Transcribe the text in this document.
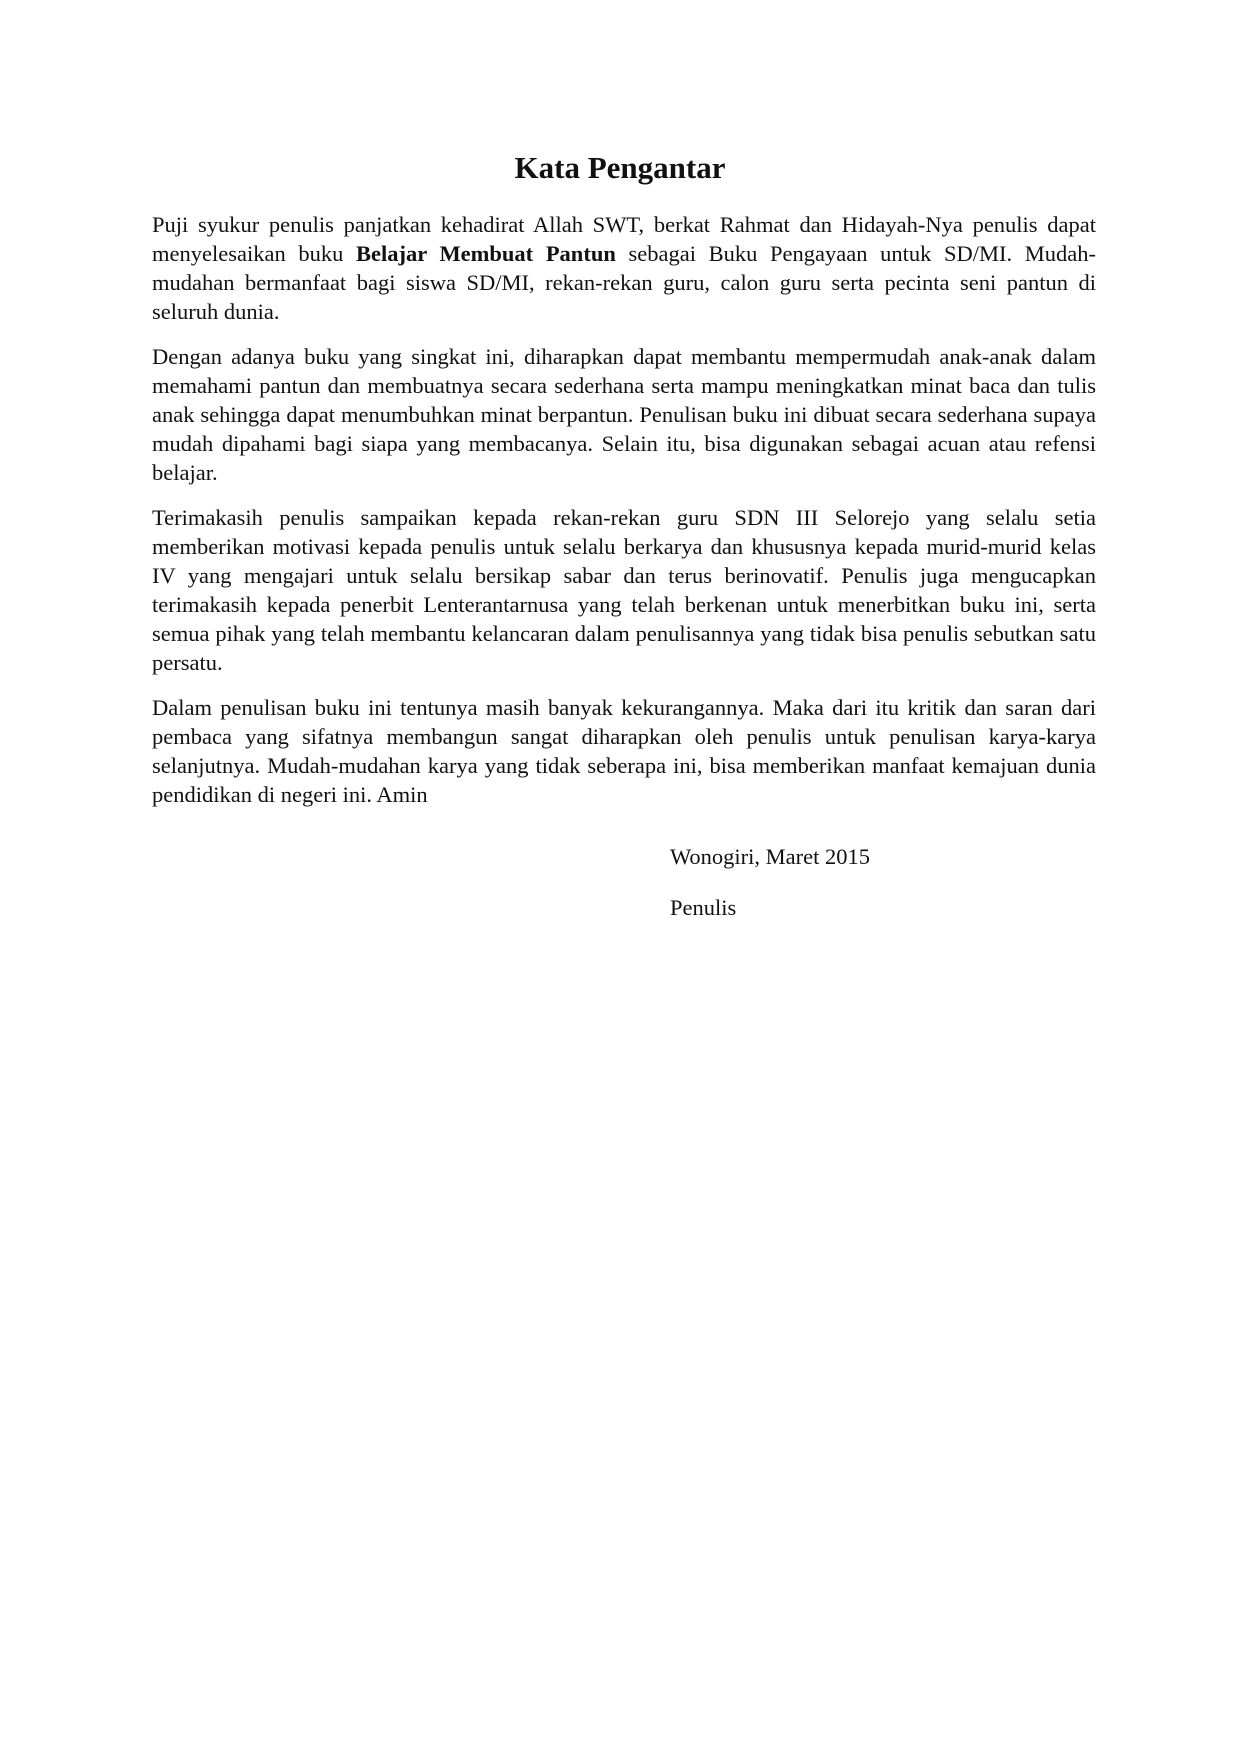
Kata Pengantar

Puji syukur penulis panjatkan kehadirat Allah SWT, berkat Rahmat dan Hidayah-Nya penulis dapat menyelesaikan buku Belajar Membuat Pantun sebagai Buku Pengayaan untuk SD/MI. Mudah-mudahan bermanfaat bagi siswa SD/MI, rekan-rekan guru, calon guru serta pecinta seni pantun di seluruh dunia.

Dengan adanya buku yang singkat ini, diharapkan dapat membantu mempermudah anak-anak dalam memahami pantun dan membuatnya secara sederhana serta mampu meningkatkan minat baca dan tulis anak sehingga dapat menumbuhkan minat berpantun. Penulisan buku ini dibuat secara sederhana supaya mudah dipahami bagi siapa yang membacanya. Selain itu, bisa digunakan sebagai acuan atau refensi belajar.

Terimakasih penulis sampaikan kepada rekan-rekan guru SDN III Selorejo yang selalu setia memberikan motivasi kepada penulis untuk selalu berkarya dan khususnya kepada murid-murid kelas IV yang mengajari untuk selalu bersikap sabar dan terus berinovatif. Penulis juga mengucapkan terimakasih kepada penerbit Lenterantarnusa yang telah berkenan untuk menerbitkan buku ini, serta semua pihak yang telah membantu kelancaran dalam penulisannya yang tidak bisa penulis sebutkan satu persatu.

Dalam penulisan buku ini tentunya masih banyak kekurangannya. Maka dari itu kritik dan saran dari pembaca yang sifatnya membangun sangat diharapkan oleh penulis untuk penulisan karya-karya selanjutnya. Mudah-mudahan karya yang tidak seberapa ini, bisa memberikan manfaat kemajuan dunia pendidikan di negeri ini. Amin

Wonogiri, Maret 2015

Penulis
